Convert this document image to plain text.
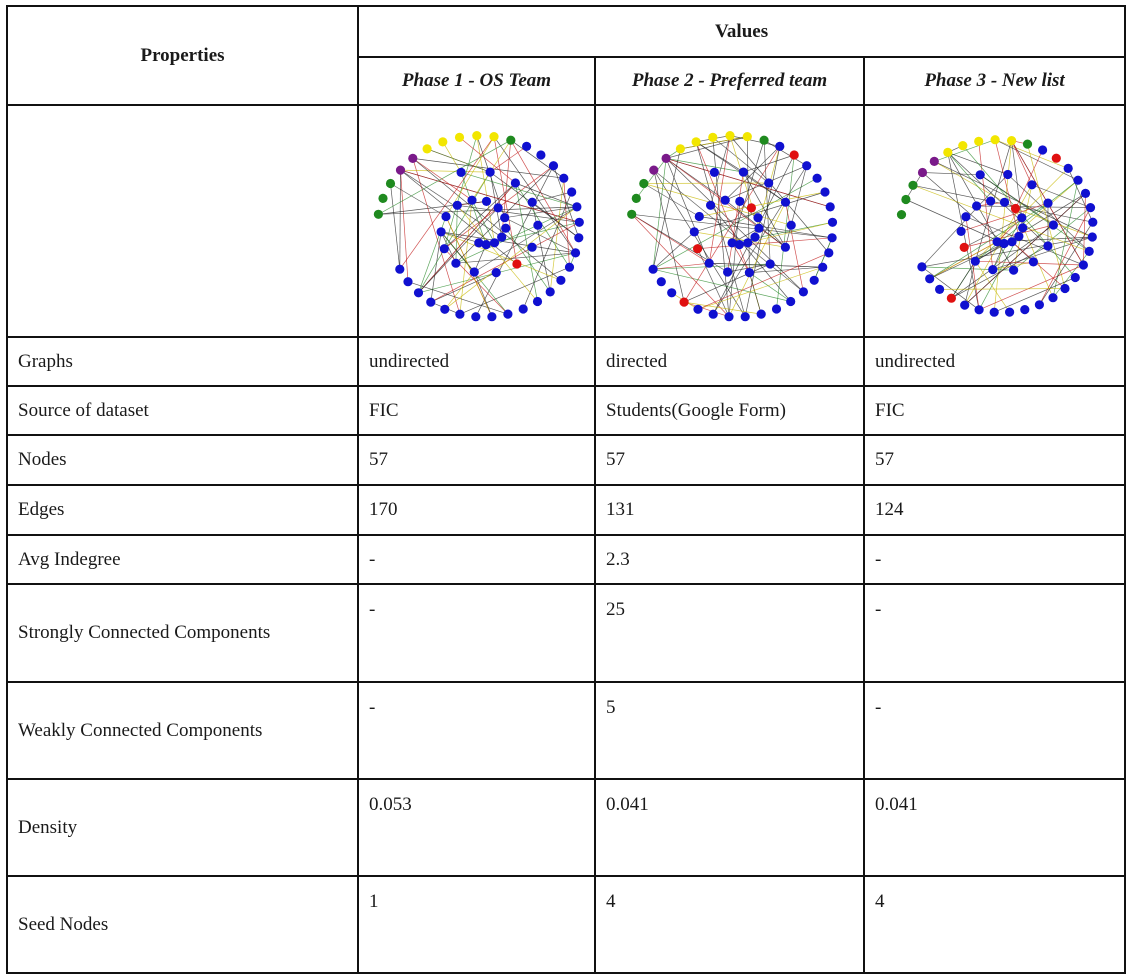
Properties	Values		
	Phase 1 - OS Team	Phase 2 - Preferred team	Phase 3 - New list

Graphs	undirected	directed	undirected
Source of dataset	FIC	Students(Google Form)	FIC
Nodes	57	57	57
Edges	170	131	124
Avg Indegree	-	2.3	-
Strongly Connected Components	-	25	-
Weakly Connected Components	-	5	-
Density	0.053	0.041	0.041
Seed Nodes	1	4	4
